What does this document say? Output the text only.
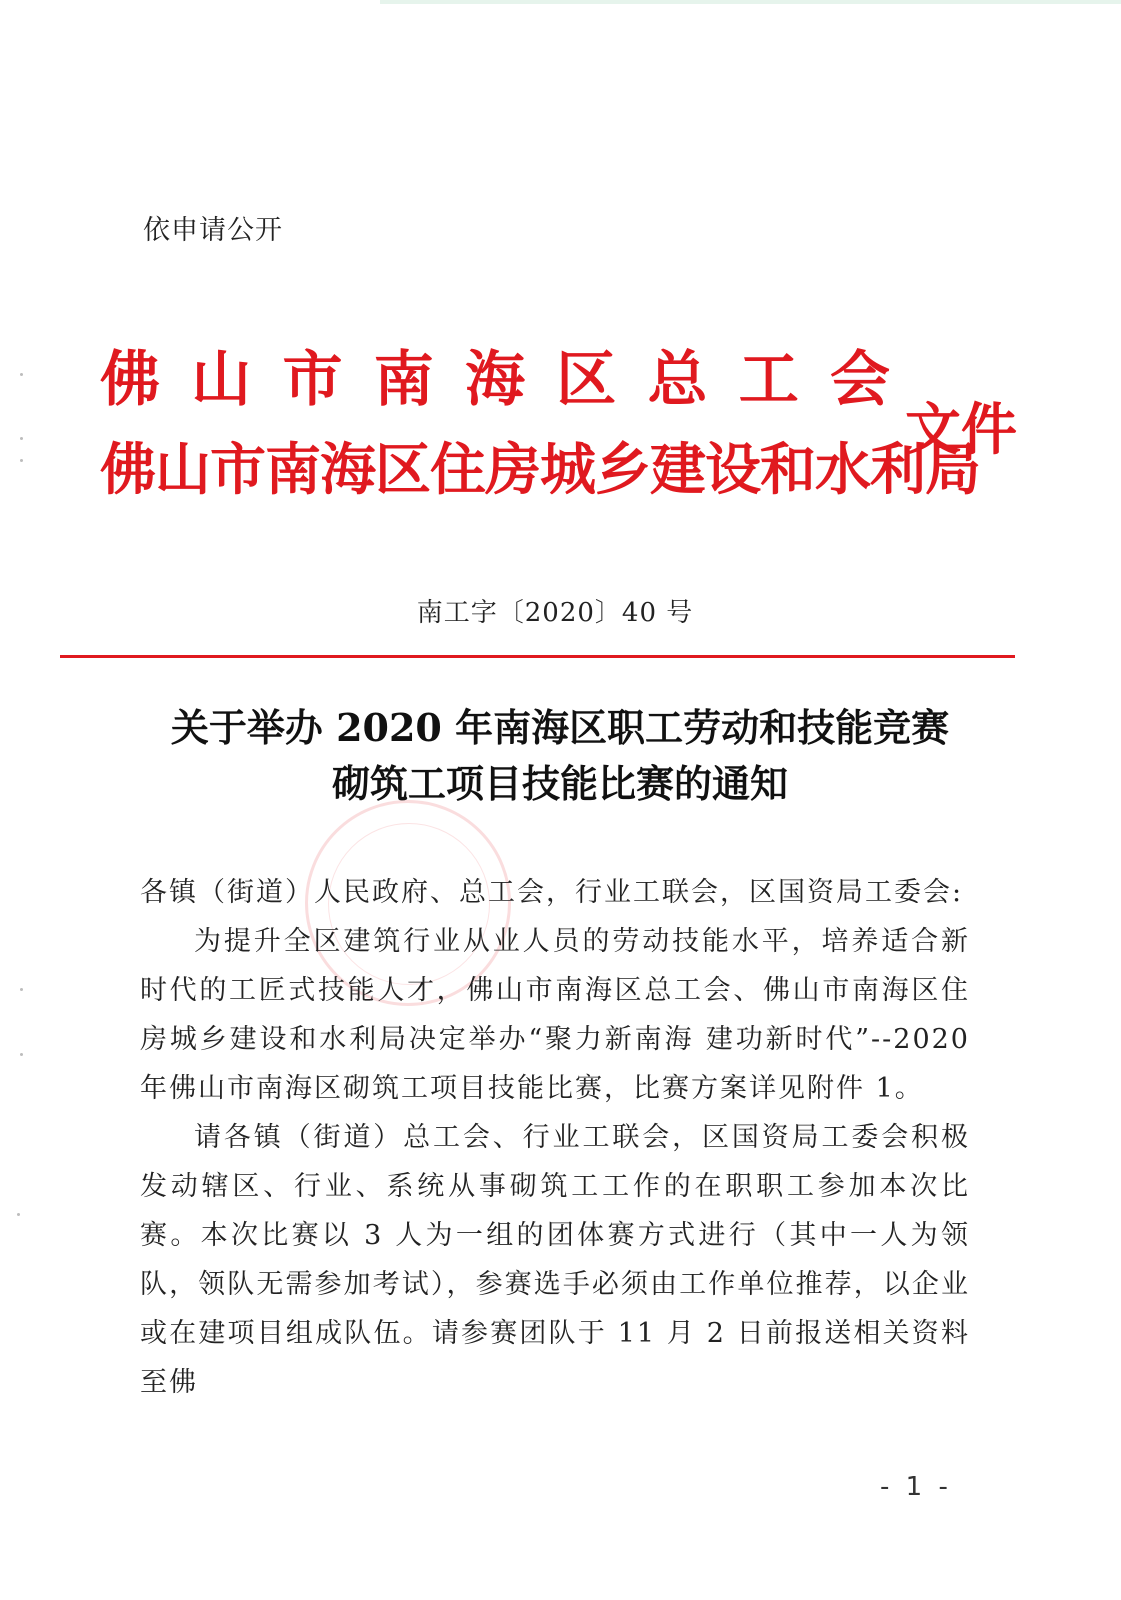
依申请公开
佛 山 市 南 海 区 总 工 会
佛山市南海区住房城乡建设和水利局
文件
南工字〔2020〕40 号
关于举办 2020 年南海区职工劳动和技能竞赛
砌筑工项目技能比赛的通知

各镇（街道）人民政府、总工会，行业工联会，区国资局工委会:

为提升全区建筑行业从业人员的劳动技能水平，培养适合新时代的工匠式技能人才，佛山市南海区总工会、佛山市南海区住房城乡建设和水利局决定举办“聚力新南海 建功新时代”--2020 年佛山市南海区砌筑工项目技能比赛，比赛方案详见附件 1。

请各镇（街道）总工会、行业工联会，区国资局工委会积极发动辖区、行业、系统从事砌筑工工作的在职职工参加本次比赛。本次比赛以 3 人为一组的团体赛方式进行（其中一人为领队，领队无需参加考试），参赛选手必须由工作单位推荐，以企业或在建项目组成队伍。请参赛团队于 11 月 2 日前报送相关资料至佛

- 1 -
